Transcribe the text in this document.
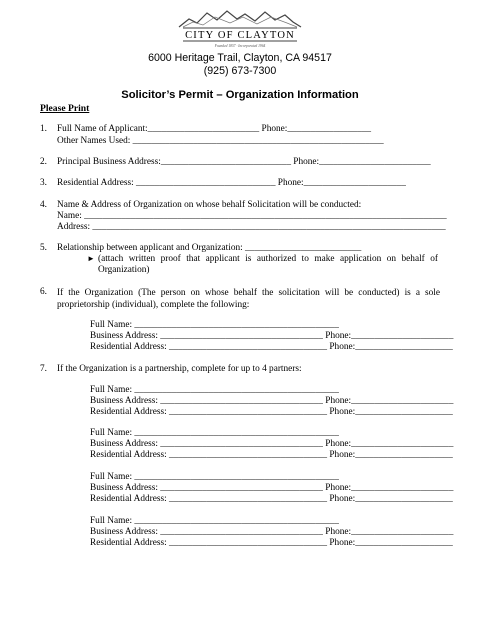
CITY OF CLAYTON
Founded 1857 · Incorporated 1964
6000 Heritage Trail, Clayton, CA 94517
(925) 673-7300
Solicitor’s Permit – Organization Information
Please Print
1. Full Name of Applicant:________________________ Phone:__________________
Other Names Used: ______________________________________________________
2. Principal Business Address:____________________________ Phone:________________________
3. Residential Address: ______________________________ Phone:______________________
4. Name & Address of Organization on whose behalf Solicitation will be conducted:
Name: ______________________________________________________________________________
Address: ____________________________________________________________________________
5. Relationship between applicant and Organization: _________________________
► (attach written proof that applicant is authorized to make application on behalf of Organization)
6. If the Organization (The person on whose behalf the solicitation will be conducted) is a sole proprietorship (individual), complete the following:
Full Name: ____________________________________________
Business Address: ___________________________________ Phone:______________________
Residential Address: __________________________________ Phone:_____________________
7. If the Organization is a partnership, complete for up to 4 partners:
Full Name: ____________________________________________
Business Address: ___________________________________ Phone:______________________
Residential Address: __________________________________ Phone:_____________________
Full Name: ____________________________________________
Business Address: ___________________________________ Phone:______________________
Residential Address: __________________________________ Phone:_____________________
Full Name: ____________________________________________
Business Address: ___________________________________ Phone:______________________
Residential Address: __________________________________ Phone:_____________________
Full Name: ____________________________________________
Business Address: ___________________________________ Phone:______________________
Residential Address: __________________________________ Phone:_____________________
